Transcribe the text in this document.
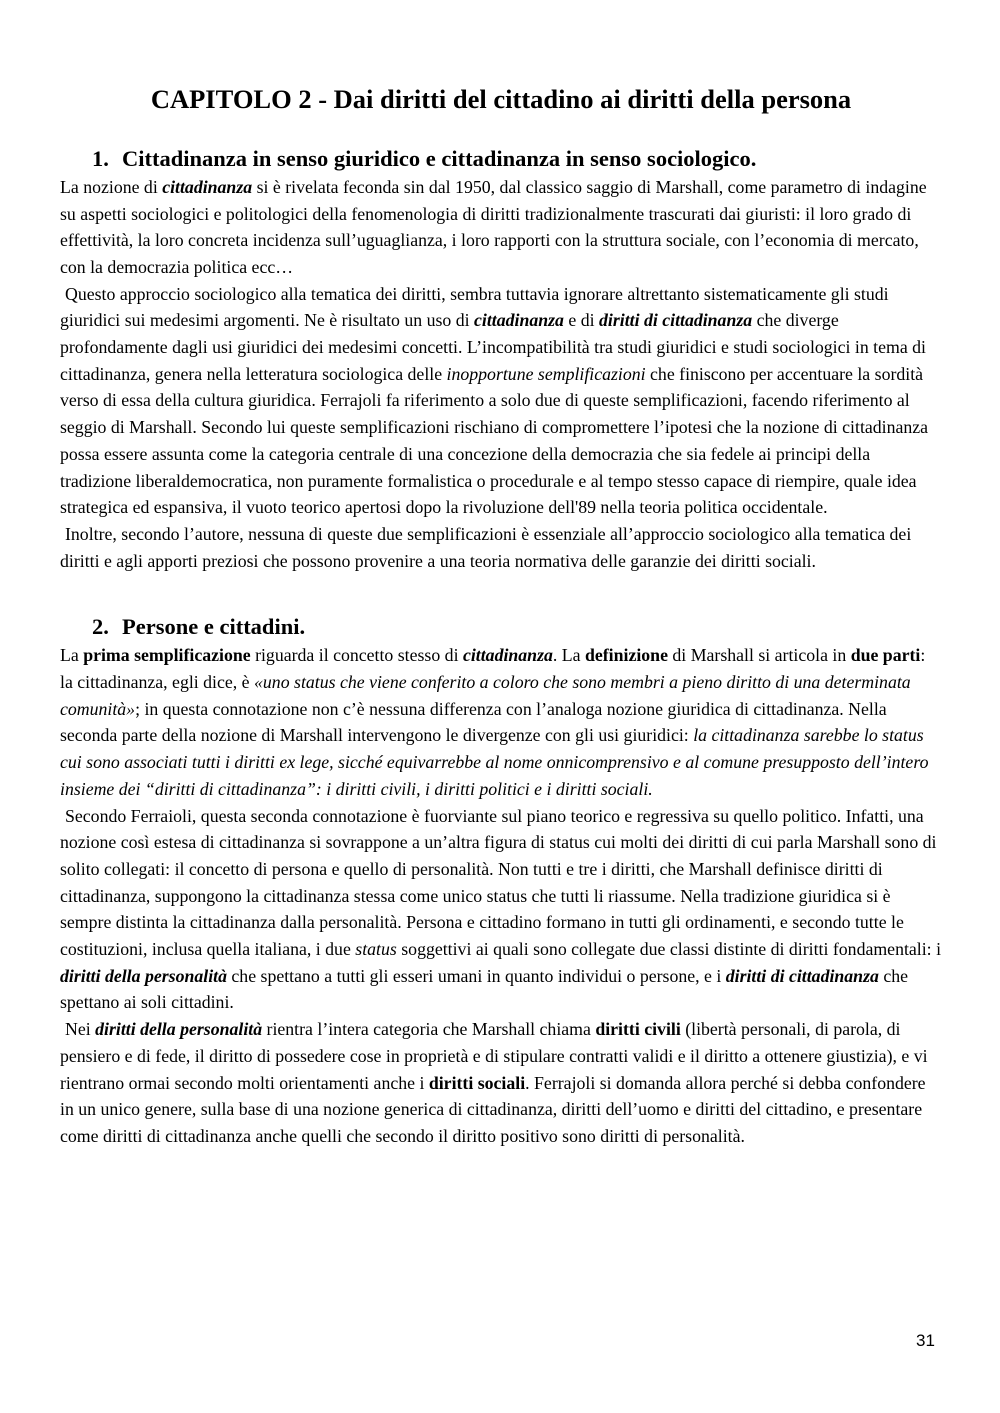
CAPITOLO 2 - Dai diritti del cittadino ai diritti della persona
1. Cittadinanza in senso giuridico e cittadinanza in senso sociologico.

La nozione di cittadinanza si è rivelata feconda sin dal 1950, dal classico saggio di Marshall, come parametro di indagine su aspetti sociologici e politologici della fenomenologia di diritti tradizionalmente trascurati dai giuristi: il loro grado di effettività, la loro concreta incidenza sull’uguaglianza, i loro rapporti con la struttura sociale, con l’economia di mercato, con la democrazia politica ecc…

Questo approccio sociologico alla tematica dei diritti, sembra tuttavia ignorare altrettanto sistematicamente gli studi giuridici sui medesimi argomenti. Ne è risultato un uso di cittadinanza e di diritti di cittadinanza che diverge profondamente dagli usi giuridici dei medesimi concetti. L’incompatibilità tra studi giuridici e studi sociologici in tema di cittadinanza, genera nella letteratura sociologica delle inopportune semplificazioni che finiscono per accentuare la sordità verso di essa della cultura giuridica. Ferrajoli fa riferimento a solo due di queste semplificazioni, facendo riferimento al seggio di Marshall. Secondo lui queste semplificazioni rischiano di compromettere l’ipotesi che la nozione di cittadinanza possa essere assunta come la categoria centrale di una concezione della democrazia che sia fedele ai principi della tradizione liberaldemocratica, non puramente formalistica o procedurale e al tempo stesso capace di riempire, quale idea strategica ed espansiva, il vuoto teorico apertosi dopo la rivoluzione dell'89 nella teoria politica occidentale.

Inoltre, secondo l’autore, nessuna di queste due semplificazioni è essenziale all’approccio sociologico alla tematica dei diritti e agli apporti preziosi che possono provenire a una teoria normativa delle garanzie dei diritti sociali.

2. Persone e cittadini.

La prima semplificazione riguarda il concetto stesso di cittadinanza. La definizione di Marshall si articola in due parti: la cittadinanza, egli dice, è «uno status che viene conferito a coloro che sono membri a pieno diritto di una determinata comunità»; in questa connotazione non c’è nessuna differenza con l’analoga nozione giuridica di cittadinanza. Nella seconda parte della nozione di Marshall intervengono le divergenze con gli usi giuridici: la cittadinanza sarebbe lo status cui sono associati tutti i diritti ex lege, sicché equivarrebbe al nome onnicomprensivo e al comune presupposto dell’intero insieme dei “diritti di cittadinanza”: i diritti civili, i diritti politici e i diritti sociali.

Secondo Ferraioli, questa seconda connotazione è fuorviante sul piano teorico e regressiva su quello politico. Infatti, una nozione così estesa di cittadinanza si sovrappone a un’altra figura di status cui molti dei diritti di cui parla Marshall sono di solito collegati: il concetto di persona e quello di personalità. Non tutti e tre i diritti, che Marshall definisce diritti di cittadinanza, suppongono la cittadinanza stessa come unico status che tutti li riassume. Nella tradizione giuridica si è sempre distinta la cittadinanza dalla personalità. Persona e cittadino formano in tutti gli ordinamenti, e secondo tutte le costituzioni, inclusa quella italiana, i due status soggettivi ai quali sono collegate due classi distinte di diritti fondamentali: i diritti della personalità che spettano a tutti gli esseri umani in quanto individui o persone, e i diritti di cittadinanza che spettano ai soli cittadini.

Nei diritti della personalità rientra l’intera categoria che Marshall chiama diritti civili (libertà personali, di parola, di pensiero e di fede, il diritto di possedere cose in proprietà e di stipulare contratti validi e il diritto a ottenere giustizia), e vi rientrano ormai secondo molti orientamenti anche i diritti sociali. Ferrajoli si domanda allora perché si debba confondere in un unico genere, sulla base di una nozione generica di cittadinanza, diritti dell’uomo e diritti del cittadino, e presentare come diritti di cittadinanza anche quelli che secondo il diritto positivo sono diritti di personalità.

31
